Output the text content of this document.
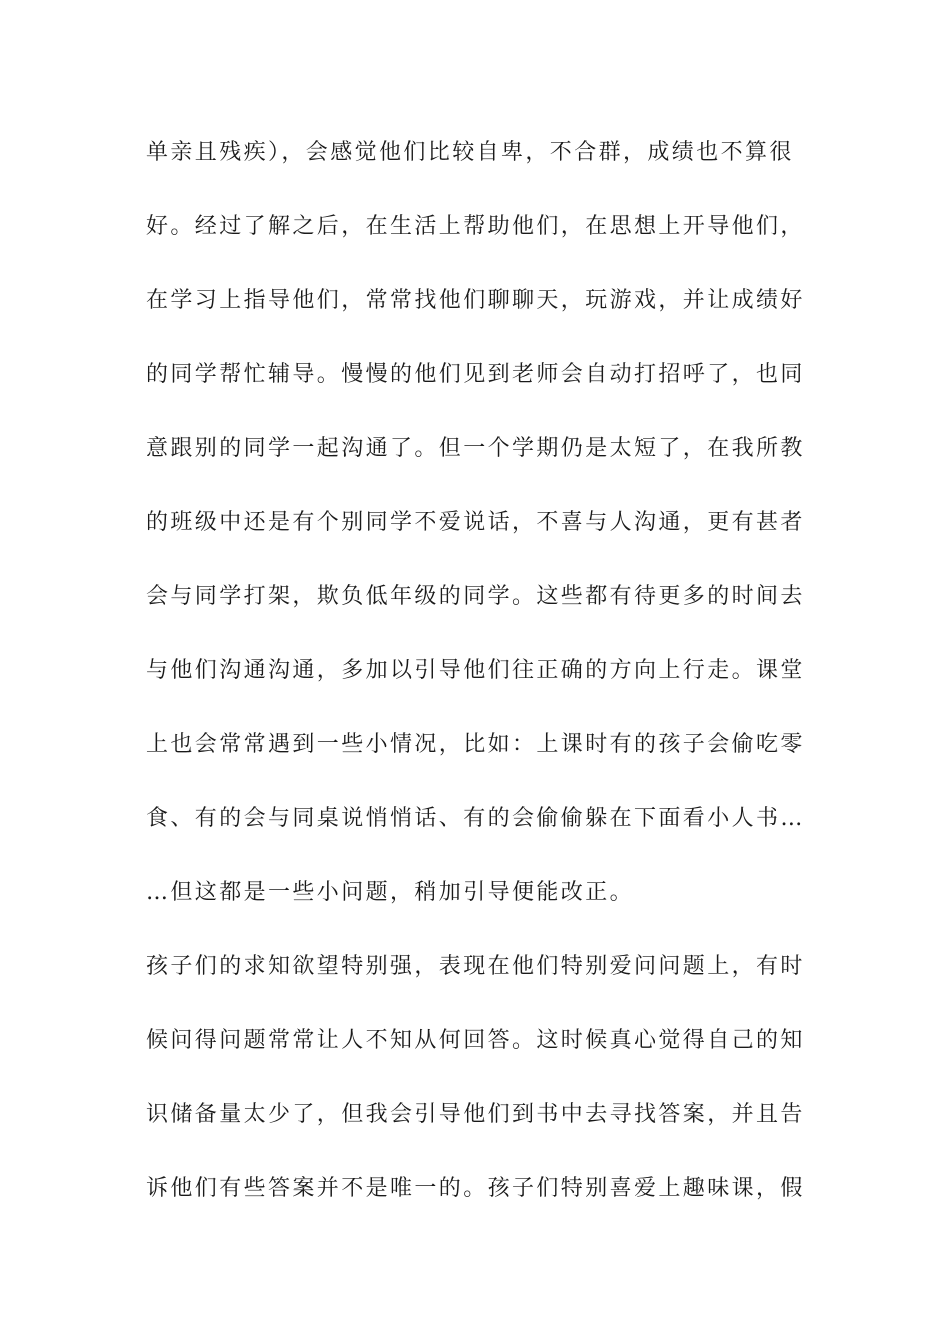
单亲且残疾），会感觉他们比较自卑，不合群，成绩也不算很
好。经过了解之后，在生活上帮助他们，在思想上开导他们，
在学习上指导他们，常常找他们聊聊天，玩游戏，并让成绩好
的同学帮忙辅导。慢慢的他们见到老师会自动打招呼了，也同
意跟别的同学一起沟通了。但一个学期仍是太短了，在我所教
的班级中还是有个别同学不爱说话，不喜与人沟通，更有甚者
会与同学打架，欺负低年级的同学。这些都有待更多的时间去
与他们沟通沟通，多加以引导他们往正确的方向上行走。课堂
上也会常常遇到一些小情况，比如：上课时有的孩子会偷吃零
食、有的会与同桌说悄悄话、有的会偷偷躲在下面看小人书…
…但这都是一些小问题，稍加引导便能改正。
孩子们的求知欲望特别强，表现在他们特别爱问问题上，有时
候问得问题常常让人不知从何回答。这时候真心觉得自己的知
识储备量太少了，但我会引导他们到书中去寻找答案，并且告
诉他们有些答案并不是唯一的。孩子们特别喜爱上趣味课，假
